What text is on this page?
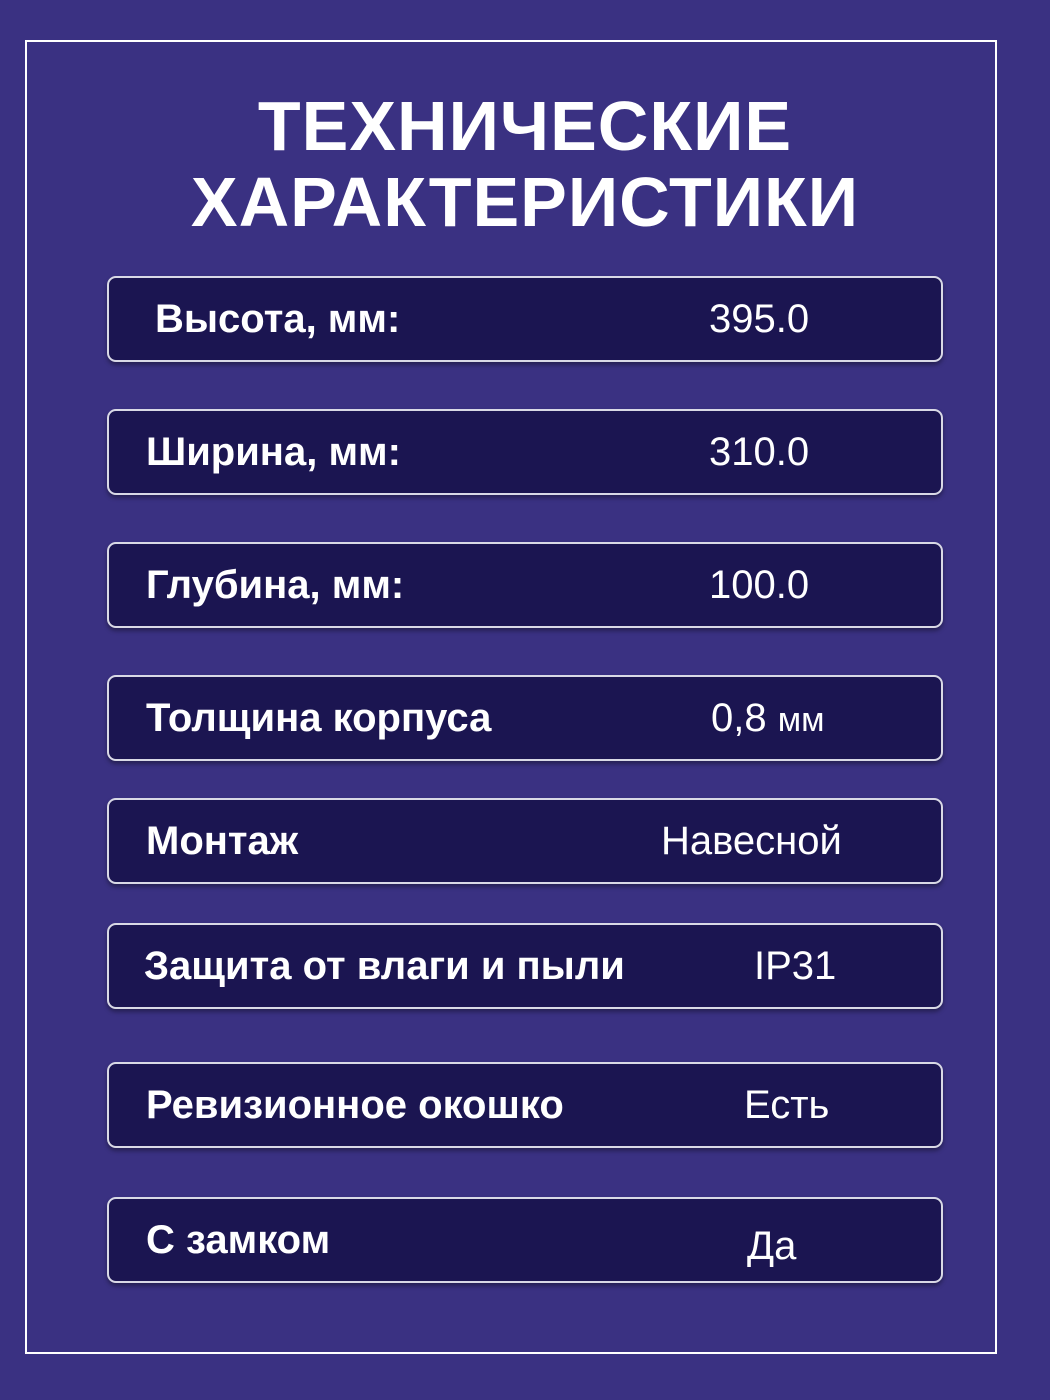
ТЕХНИЧЕСКИЕ
ХАРАКТЕРИСТИКИ
Высота, мм:	395.0
Ширина, мм:	310.0
Глубина, мм:	100.0
Толщина корпуса	0,8 мм
Монтаж	Навесной
Защита от влаги и пыли	IP31
Ревизионное окошко	Есть
С замком	Да
